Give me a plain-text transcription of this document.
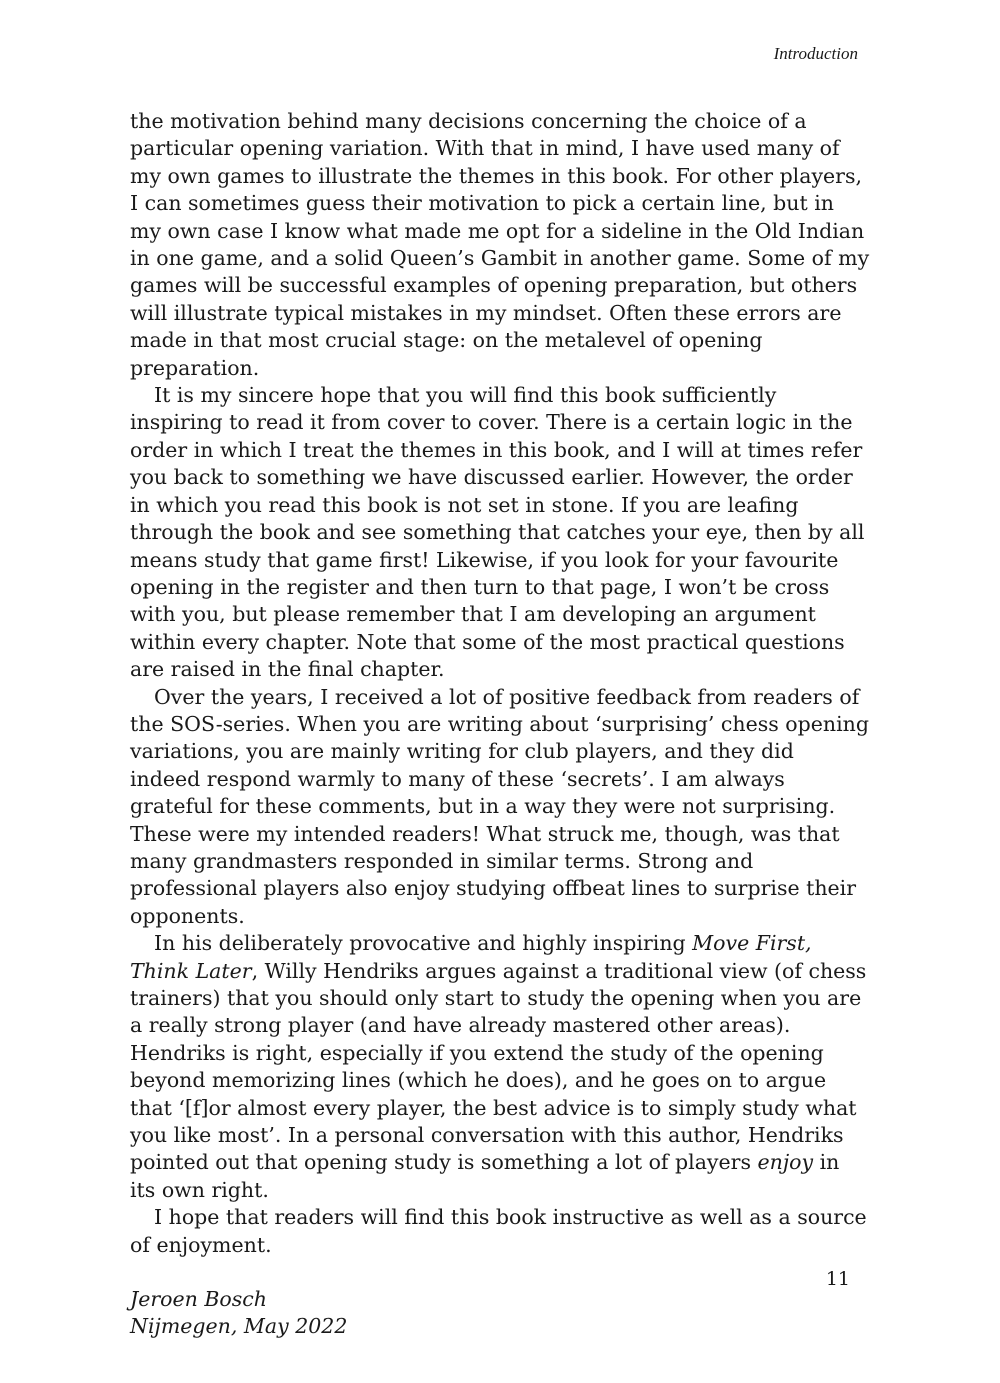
Introduction

the motivation behind many decisions concerning the choice of a particular opening variation. With that in mind, I have used many of my own games to illustrate the themes in this book. For other players, I can sometimes guess their motivation to pick a certain line, but in my own case I know what made me opt for a sideline in the Old Indian in one game, and a solid Queen’s Gambit in another game. Some of my games will be successful examples of opening preparation, but others will illustrate typical mistakes in my mindset. Often these errors are made in that most crucial stage: on the metalevel of opening preparation.

It is my sincere hope that you will find this book sufficiently inspiring to read it from cover to cover. There is a certain logic in the order in which I treat the themes in this book, and I will at times refer you back to something we have discussed earlier. However, the order in which you read this book is not set in stone. If you are leafing through the book and see something that catches your eye, then by all means study that game first! Likewise, if you look for your favourite opening in the register and then turn to that page, I won’t be cross with you, but please remember that I am developing an argument within every chapter. Note that some of the most practical questions are raised in the final chapter.

Over the years, I received a lot of positive feedback from readers of the SOS-series. When you are writing about ‘surprising’ chess opening variations, you are mainly writing for club players, and they did indeed respond warmly to many of these ‘secrets’. I am always grateful for these comments, but in a way they were not surprising. These were my intended readers! What struck me, though, was that many grandmasters responded in similar terms. Strong and professional players also enjoy studying offbeat lines to surprise their opponents.

In his deliberately provocative and highly inspiring Move First, Think Later, Willy Hendriks argues against a traditional view (of chess trainers) that you should only start to study the opening when you are a really strong player (and have already mastered other areas). Hendriks is right, especially if you extend the study of the opening beyond memorizing lines (which he does), and he goes on to argue that ‘[f]or almost every player, the best advice is to simply study what you like most’. In a personal conversation with this author, Hendriks pointed out that opening study is something a lot of players enjoy in its own right.

I hope that readers will find this book instructive as well as a source of enjoyment.

Jeroen Bosch
Nijmegen, May 2022
11
